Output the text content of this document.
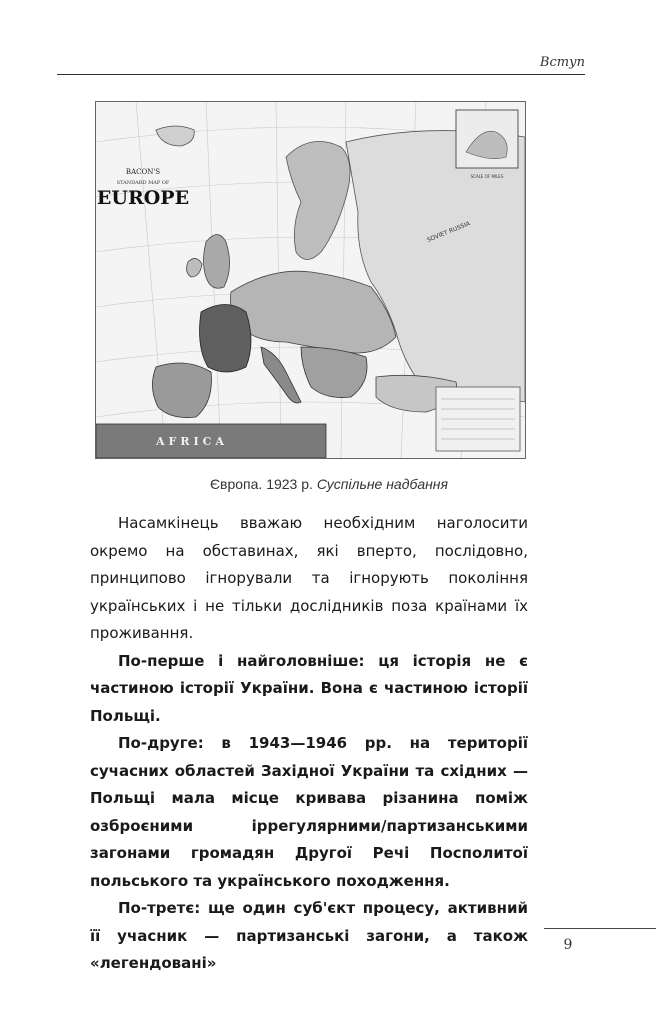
Вступ
BACON'S
STANDARD MAP OF
EUROPE
SCALE OF MILES
SOVIET RUSSIA
AFRICA
Європа. 1923 р. Суспільне надбання

Насамкінець вважаю необхідним наголосити окремо на обставинах, які вперто, послідовно, принципово ігнорували та ігнорують покоління українських і не тільки дослідників поза країнами їх проживання.

По-перше і найголовніше: ця історія не є частиною історії України. Вона є частиною історії Польщі.

По-друге: в 1943—1946 рр. на території сучасних областей Західної України та східних — Польщі мала місце кривава різанина поміж озброєними іррегулярними/партизанськими загонами громадян Другої Речі Посполитої польського та українського походження.

По-третє: ще один суб'єкт процесу, активний її учасник — партизанські загони, а також «легендовані»

9
